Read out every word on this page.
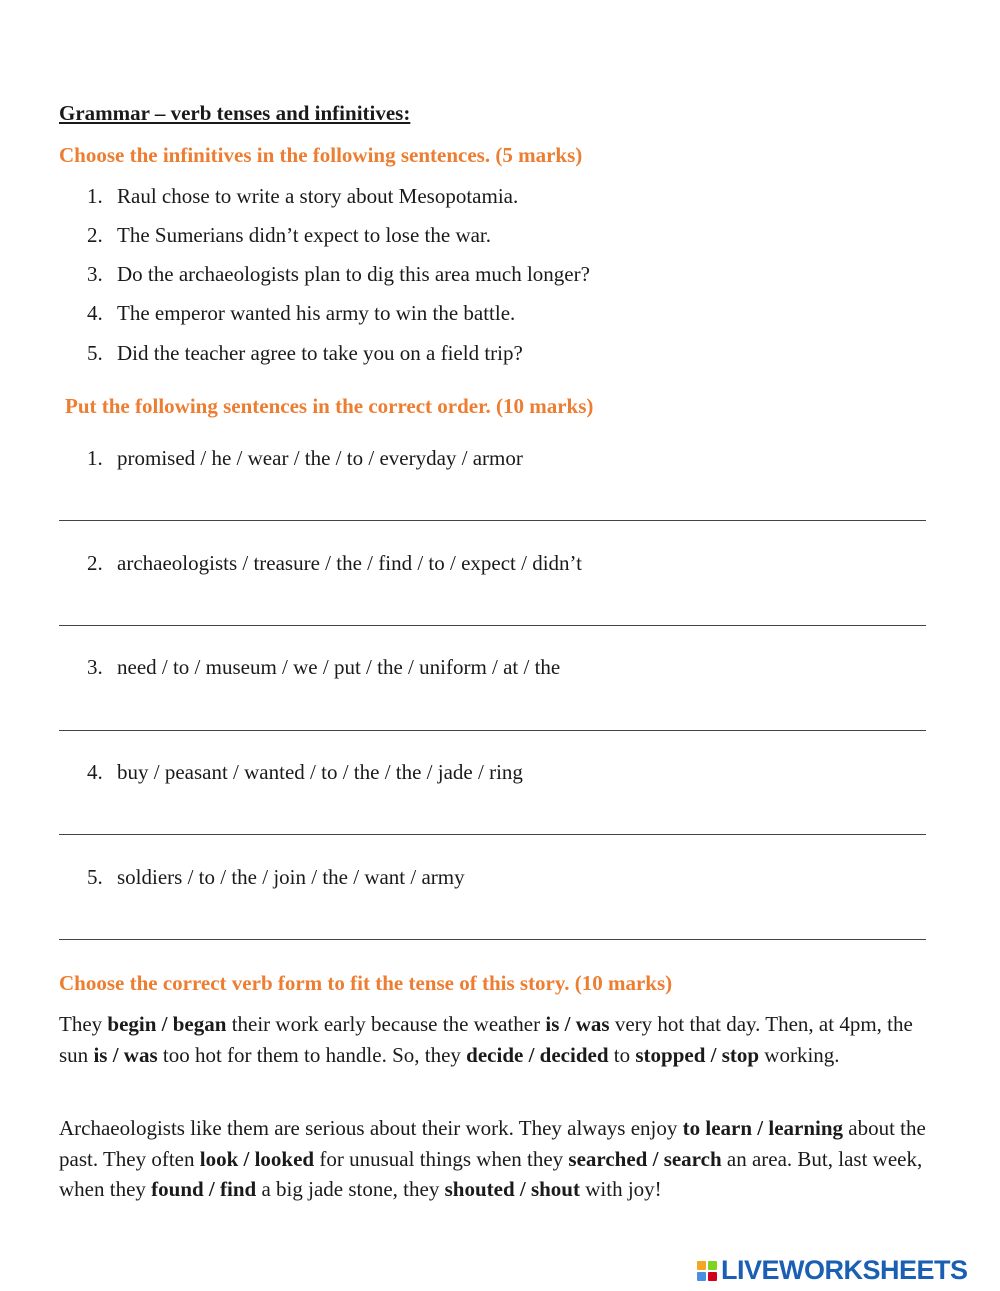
Grammar – verb tenses and infinitives:
Choose the infinitives in the following sentences. (5 marks)
1. Raul chose to write a story about Mesopotamia.
2. The Sumerians didn’t expect to lose the war.
3. Do the archaeologists plan to dig this area much longer?
4. The emperor wanted his army to win the battle.
5. Did the teacher agree to take you on a field trip?
Put the following sentences in the correct order. (10 marks)
1. promised / he / wear / the / to / everyday / armor
2. archaeologists / treasure / the / find / to / expect / didn’t
3. need / to / museum / we / put / the / uniform / at / the
4. buy / peasant / wanted / to / the / the / jade / ring
5. soldiers / to / the / join / the / want / army
Choose the correct verb form to fit the tense of this story. (10 marks)
They begin / began their work early because the weather is / was very hot that day. Then, at 4pm, the sun is / was too hot for them to handle. So, they decide / decided to stopped / stop working.
Archaeologists like them are serious about their work. They always enjoy to learn / learning about the past. They often look / looked for unusual things when they searched / search an area. But, last week, when they found / find a big jade stone, they shouted / shout with joy!
LIVEWORKSHEETS
